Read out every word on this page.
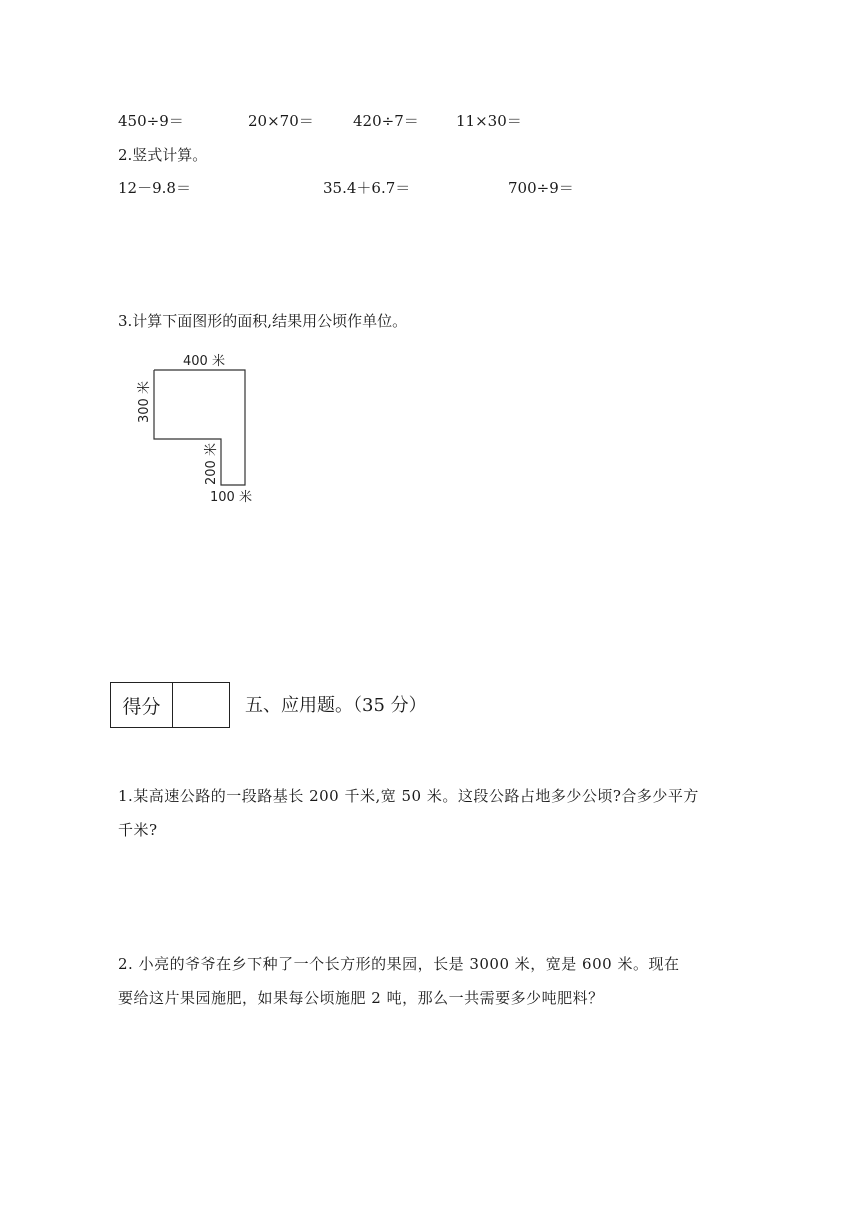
450÷9＝	20×70＝	420÷7＝ 11×30＝
2.竖式计算。
12－9.8＝	35.4＋6.7＝	700÷9＝
3.计算下面图形的面积,结果用公顷作单位。
400 米
300 米
200 米
100 米
得分	五、应用题。（35 分）
1.某高速公路的一段路基长 200 千米,宽 50 米。这段公路占地多少公顷?合多少平方
千米?
2. 小亮的爷爷在乡下种了一个长方形的果园，长是 3000 米，宽是 600 米。现在
要给这片果园施肥，如果每公顷施肥 2 吨，那么一共需要多少吨肥料？
